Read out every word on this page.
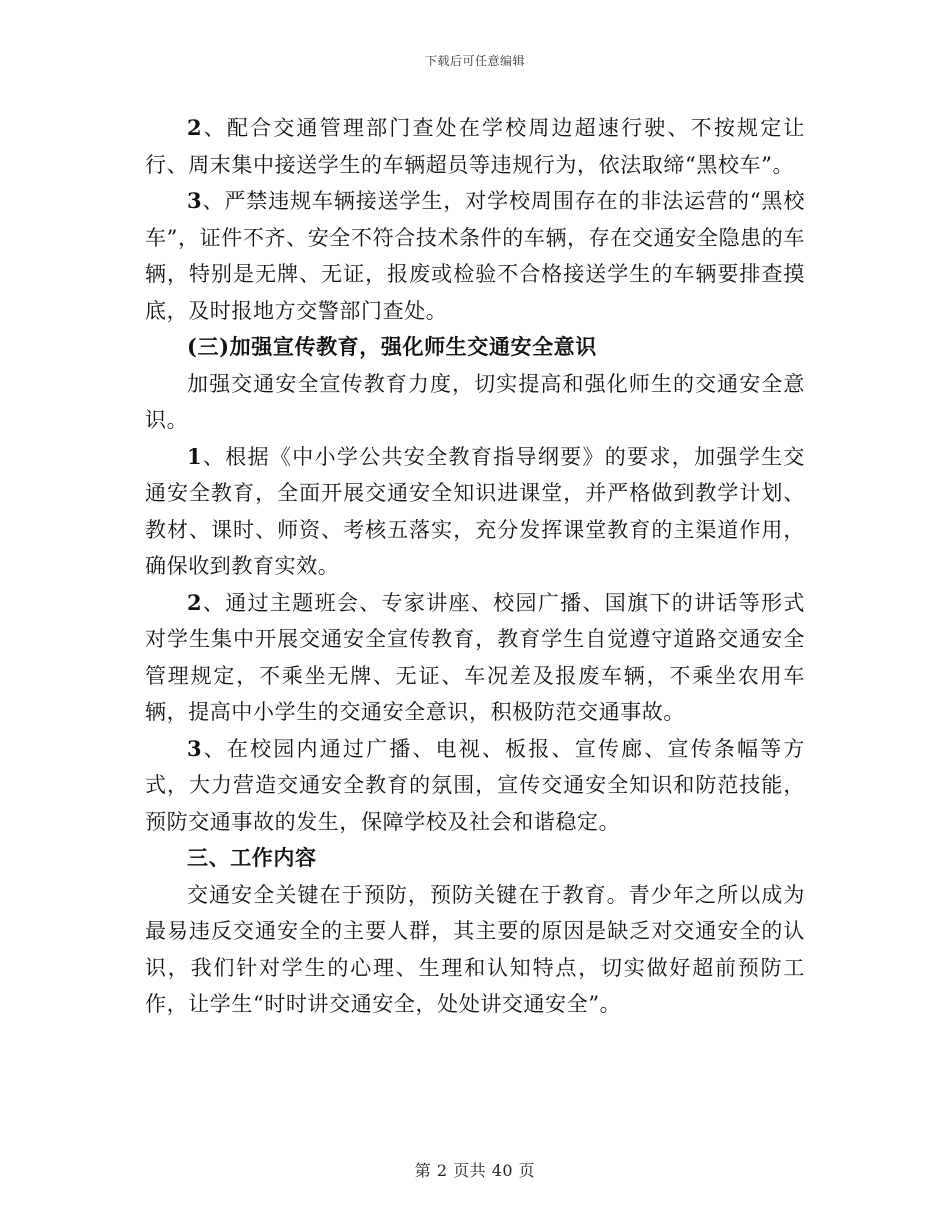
下载后可任意编辑

2、配合交通管理部门查处在学校周边超速行驶、不按规定让行、周末集中接送学生的车辆超员等违规行为，依法取缔“黑校车”。

3、严禁违规车辆接送学生，对学校周围存在的非法运营的“黑校车”，证件不齐、安全不符合技术条件的车辆，存在交通安全隐患的车辆，特别是无牌、无证，报废或检验不合格接送学生的车辆要排查摸底，及时报地方交警部门查处。

(三)加强宣传教育，强化师生交通安全意识

加强交通安全宣传教育力度，切实提高和强化师生的交通安全意识。

1、根据《中小学公共安全教育指导纲要》的要求，加强学生交通安全教育，全面开展交通安全知识进课堂，并严格做到教学计划、教材、课时、师资、考核五落实，充分发挥课堂教育的主渠道作用，确保收到教育实效。

2、通过主题班会、专家讲座、校园广播、国旗下的讲话等形式对学生集中开展交通安全宣传教育，教育学生自觉遵守道路交通安全管理规定，不乘坐无牌、无证、车况差及报废车辆，不乘坐农用车辆，提高中小学生的交通安全意识，积极防范交通事故。

3、在校园内通过广播、电视、板报、宣传廊、宣传条幅等方式，大力营造交通安全教育的氛围，宣传交通安全知识和防范技能，预防交通事故的发生，保障学校及社会和谐稳定。

三、工作内容

交通安全关键在于预防，预防关键在于教育。青少年之所以成为最易违反交通安全的主要人群，其主要的原因是缺乏对交通安全的认识，我们针对学生的心理、生理和认知特点，切实做好超前预防工作，让学生“时时讲交通安全，处处讲交通安全”。

第 2 页共 40 页
